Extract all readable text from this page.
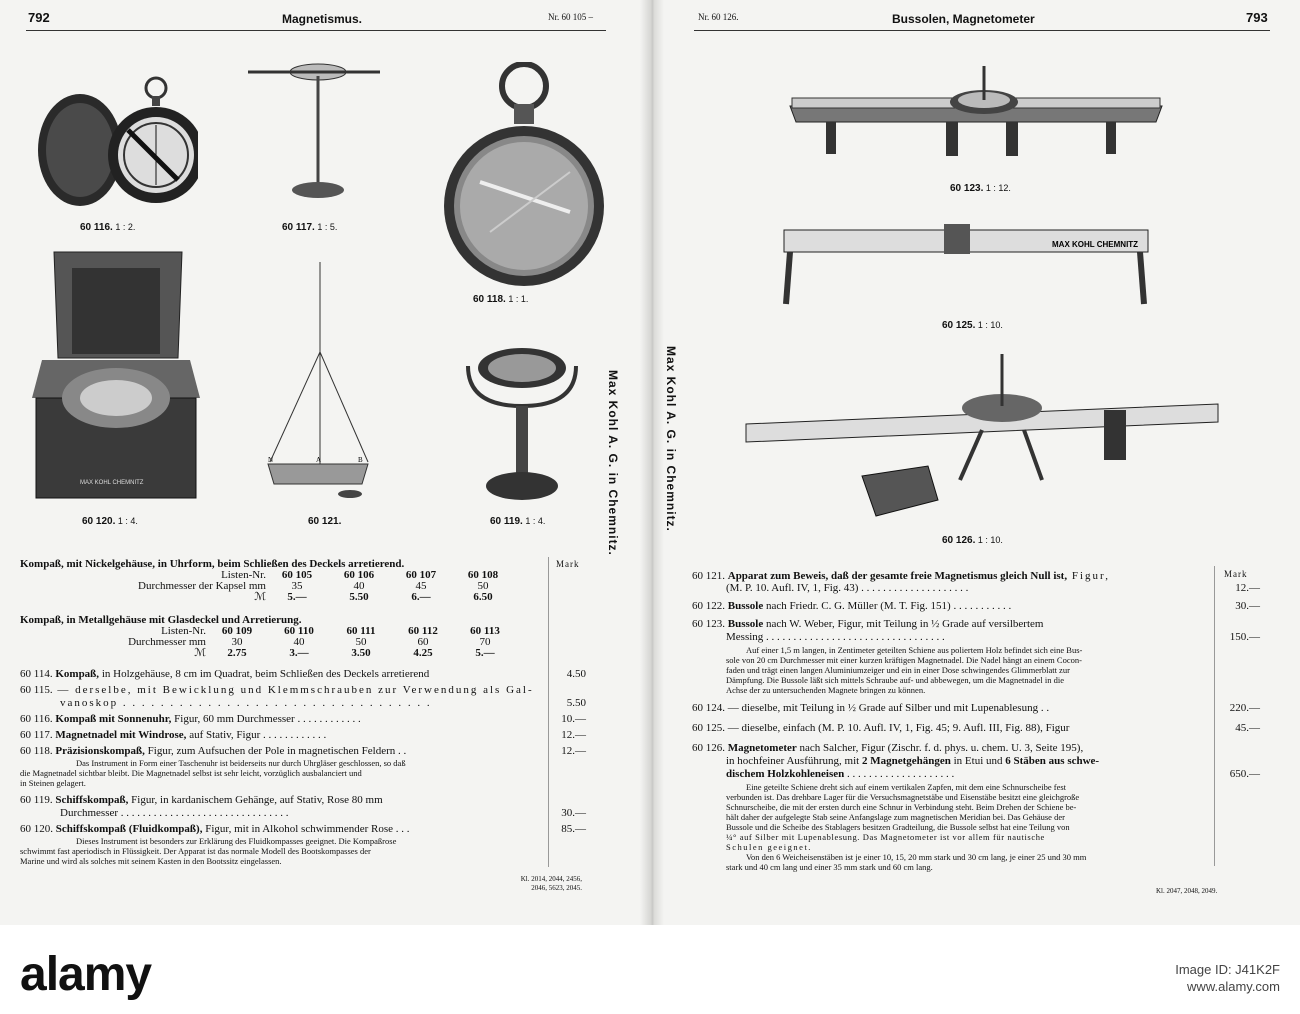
792	Magnetismus.	Nr. 60 105 –
60 116. 1 : 2.	60 117. 1 : 5.
60 118. 1 : 1.
MAX KOHL CHEMNITZ
60 120. 1 : 4.
N	A	B
60 121.	60 119. 1 : 4.
Mark
Kompaß, mit Nickelgehäuse, in Uhrform, beim Schließen des Deckels arretierend.
Listen-Nr.	60 105	60 106	60 107	60 108
Durchmesser der Kapsel mm	35	40	45	50
ℳ	5.—	5.50	6.—	6.50
Kompaß, in Metallgehäuse mit Glasdeckel und Arretierung.
Listen-Nr.	60 109	60 110	60 111	60 112	60 113
Durchmesser mm	30	40	50	60	70
ℳ	2.75	3.—	3.50	4.25	5.—
60 114. Kompaß, in Holzgehäuse, 8 cm im Quadrat, beim Schließen des Deckels arretierend	4.50
60 115. — derselbe, mit Bewicklung und Klemmschrauben zur Verwendung als Gal-
vanoskop . . . . . . . . . . . . . . . . . . . . . . . . . . . . . . . . .	5.50
60 116. Kompaß mit Sonnenuhr, Figur, 60 mm Durchmesser . . . . . . . . . . . .	10.—
60 117. Magnetnadel mit Windrose, auf Stativ, Figur . . . . . . . . . . . .	12.—
60 118. Präzisionskompaß, Figur, zum Aufsuchen der Pole in magnetischen Feldern . .	12.—
Das Instrument in Form einer Taschenuhr ist beiderseits nur durch Uhrgläser geschlossen, so daß
die Magnetnadel sichtbar bleibt. Die Magnetnadel selbst ist sehr leicht, vorzüglich ausbalanciert und
in Steinen gelagert.
60 119. Schiffskompaß, Figur, in kardanischem Gehänge, auf Stativ, Rose 80 mm
Durchmesser . . . . . . . . . . . . . . . . . . . . . . . . . . . . . . .	30.—
60 120. Schiffskompaß (Fluidkompaß), Figur, mit in Alkohol schwimmender Rose . . .	85.—
Dieses Instrument ist besonders zur Erklärung des Fluidkompasses geeignet. Die Kompaßrose
schwimmt fast aperiodisch in Flüssigkeit. Der Apparat ist das normale Modell des Bootskompasses der
Marine und wird als solches mit seinem Kasten in den Bootssitz eingelassen.
Kl. 2014, 2044, 2456,
2046, 5623, 2045.
Max Kohl A. G. in Chemnitz.	Max Kohl A. G. in Chemnitz.
Nr. 60 126.	Bussolen, Magnetometer	793
60 123. 1 : 12.
MAX KOHL CHEMNITZ
60 125. 1 : 10.
60 126. 1 : 10.
Mark
60 121. Apparat zum Beweis, daß der gesamte freie Magnetismus gleich Null ist, Figur,
(M. P. 10. Aufl. IV, 1, Fig. 43) . . . . . . . . . . . . . . . . . . . .	12.—
60 122. Bussole nach Friedr. C. G. Müller (M. T. Fig. 151) . . . . . . . . . . .	30.—
60 123. Bussole nach W. Weber, Figur, mit Teilung in ½ Grade auf versilbertem
Messing . . . . . . . . . . . . . . . . . . . . . . . . . . . . . . . . .	150.—
Auf einer 1,5 m langen, in Zentimeter geteilten Schiene aus poliertem Holz befindet sich eine Bus-
sole von 20 cm Durchmesser mit einer kurzen kräftigen Magnetnadel. Die Nadel hängt an einem Cocon-
faden und trägt einen langen Aluminiumzeiger und ein in einer Dose schwingendes Glimmerblatt zur
Dämpfung. Die Bussole läßt sich mittels Schraube auf- und abbewegen, um die Magnetnadel in die
Achse der zu untersuchenden Magnete bringen zu können.
60 124. — dieselbe, mit Teilung in ½ Grade auf Silber und mit Lupenablesung . .	220.—
60 125. — dieselbe, einfach (M. P. 10. Aufl. IV, 1, Fig. 45; 9. Aufl. III, Fig. 88), Figur	45.—
60 126. Magnetometer nach Salcher, Figur (Zischr. f. d. phys. u. chem. U. 3, Seite 195),
in hochfeiner Ausführung, mit 2 Magnetgehängen in Etui und 6 Stäben aus schwe-
dischem Holzkohleneisen . . . . . . . . . . . . . . . . . . . .	650.—
Eine geteilte Schiene dreht sich auf einem vertikalen Zapfen, mit dem eine Schnurscheibe fest
verbunden ist. Das drehbare Lager für die Versuchsmagnetstäbe und Eisenstäbe besitzt eine gleichgroße
Schnurscheibe, die mit der ersten durch eine Schnur in Verbindung steht. Beim Drehen der Schiene be-
hält daher der aufgelegte Stab seine Anfangslage zum magnetischen Meridian bei. Das Gehäuse der
Bussole und die Scheibe des Stablagers besitzen Gradteilung, die Bussole selbst hat eine Teilung von
¼° auf Silber mit Lupenablesung. Das Magnetometer ist vor allem für nautische
Schulen geeignet.
Von den 6 Weicheisenstäben ist je einer 10, 15, 20 mm stark und 30 cm lang, je einer 25 und 30 mm
stark und 40 cm lang und einer 35 mm stark und 60 cm lang.
Kl. 2047, 2048, 2049.
alamy	Image ID: J41K2F
www.alamy.com
